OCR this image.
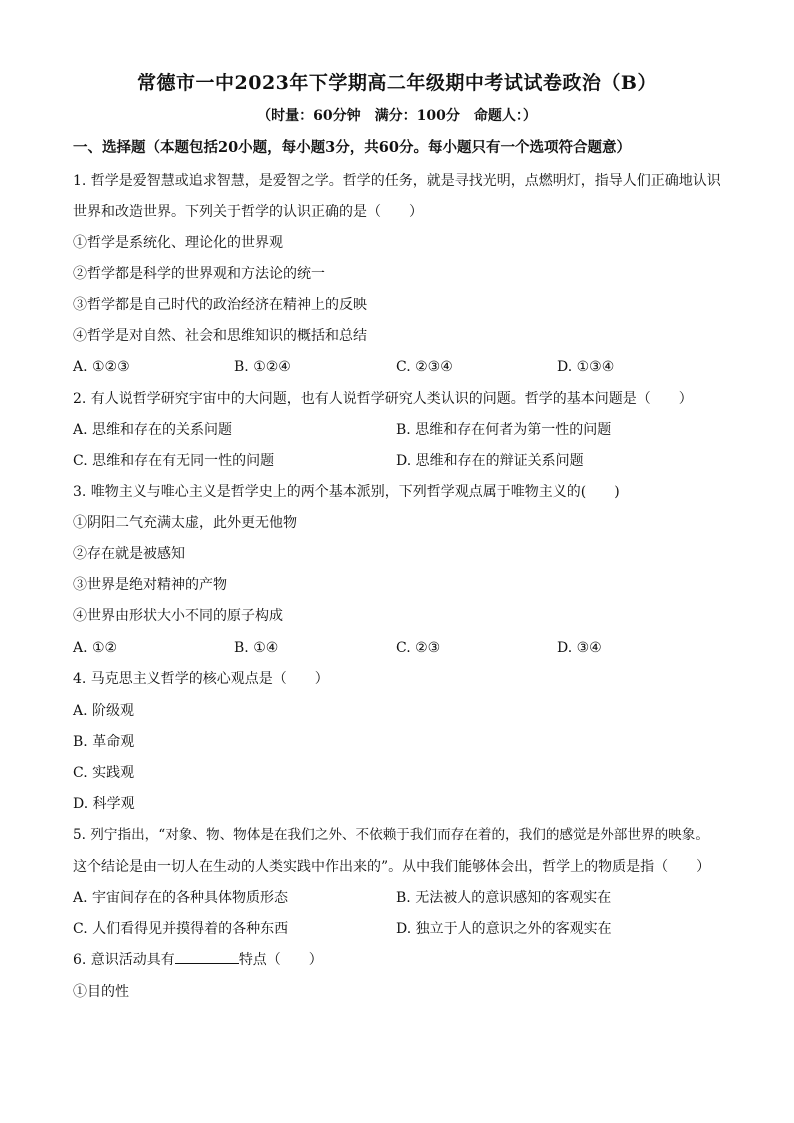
常德市一中2023年下学期高二年级期中考试试卷政治（B）
（时量：60分钟　满分：100分　命题人：）
一、选择题（本题包括20小题，每小题3分，共60分。每小题只有一个选项符合题意）
1. 哲学是爱智慧或追求智慧，是爱智之学。哲学的任务，就是寻找光明，点燃明灯，指导人们正确地认识
世界和改造世界。下列关于哲学的认识正确的是（　　）
①哲学是系统化、理论化的世界观
②哲学都是科学的世界观和方法论的统一
③哲学都是自己时代的政治经济在精神上的反映
④哲学是对自然、社会和思维知识的概括和总结
A. ①②③	B. ①②④	C. ②③④	D. ①③④
2. 有人说哲学研究宇宙中的大问题，也有人说哲学研究人类认识的问题。哲学的基本问题是（　　）
A. 思维和存在的关系问题	B. 思维和存在何者为第一性的问题
C. 思维和存在有无同一性的问题	D. 思维和存在的辩证关系问题
3. 唯物主义与唯心主义是哲学史上的两个基本派别，下列哲学观点属于唯物主义的(　　)
①阴阳二气充满太虚，此外更无他物
②存在就是被感知
③世界是绝对精神的产物
④世界由形状大小不同的原子构成
A. ①②	B. ①④	C. ②③	D. ③④
4. 马克思主义哲学的核心观点是（　　）
A. 阶级观
B. 革命观
C. 实践观
D. 科学观
5. 列宁指出，“对象、物、物体是在我们之外、不依赖于我们而存在着的，我们的感觉是外部世界的映象。
这个结论是由一切人在生动的人类实践中作出来的”。从中我们能够体会出，哲学上的物质是指（　　）
A. 宇宙间存在的各种具体物质形态	B. 无法被人的意识感知的客观实在
C. 人们看得见并摸得着的各种东西	D. 独立于人的意识之外的客观实在
6. 意识活动具有	特点（　　）
①目的性
